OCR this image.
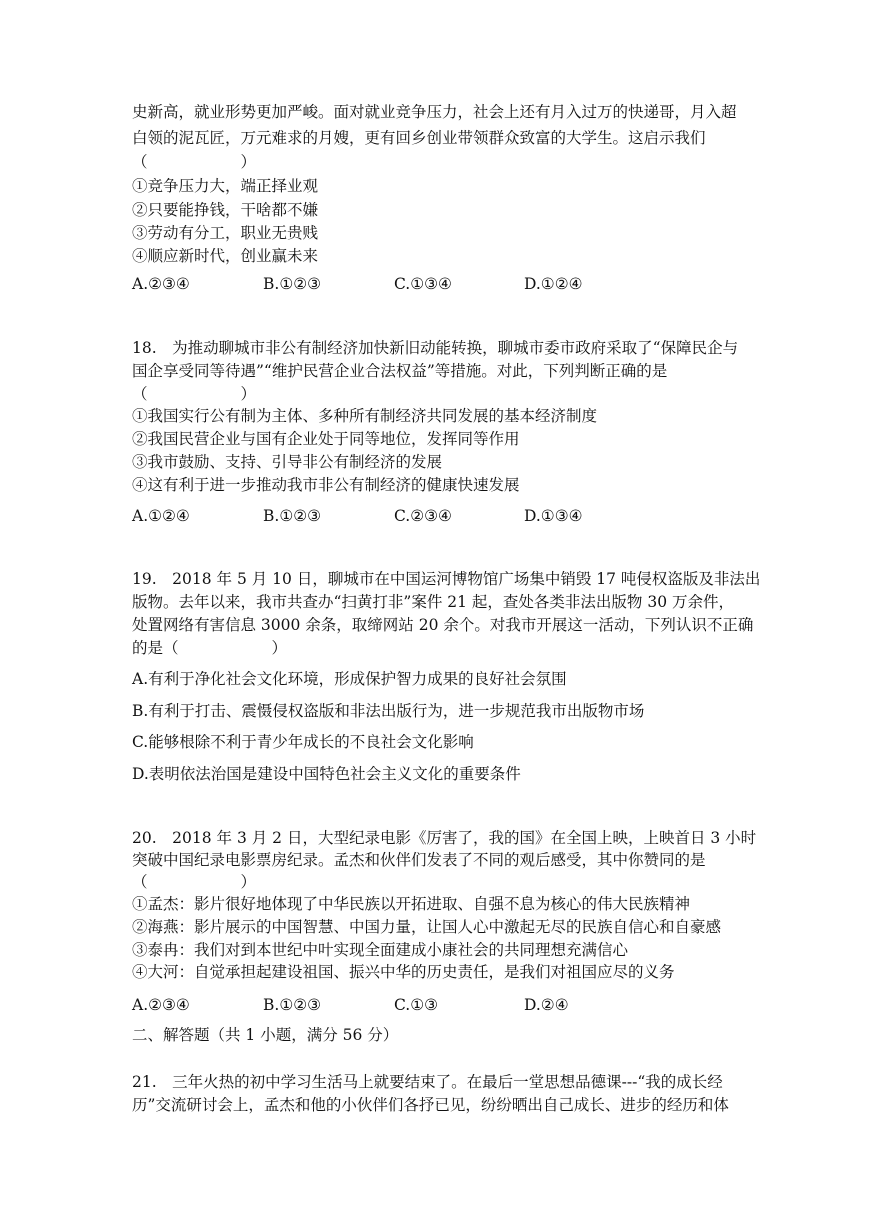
史新高，就业形势更加严峻。面对就业竞争压力，社会上还有月入过万的快递哥，月入超
白领的泥瓦匠，万元难求的月嫂，更有回乡创业带领群众致富的大学生。这启示我们
（　　　　　　）
①竞争压力大，端正择业观
②只要能挣钱，干啥都不嫌
③劳动有分工，职业无贵贱
④顺应新时代，创业赢未来
A.②③④	B.①②③	C.①③④	D.①②④
18.　为推动聊城市非公有制经济加快新旧动能转换，聊城市委市政府采取了“保障民企与
国企享受同等待遇”“维护民营企业合法权益”等措施。对此，下列判断正确的是
（　　　　　　）
①我国实行公有制为主体、多种所有制经济共同发展的基本经济制度
②我国民营企业与国有企业处于同等地位，发挥同等作用
③我市鼓励、支持、引导非公有制经济的发展
④这有利于进一步推动我市非公有制经济的健康快速发展
A.①②④	B.①②③	C.②③④	D.①③④
19.　2018 年 5 月 10 日，聊城市在中国运河博物馆广场集中销毁 17 吨侵权盗版及非法出
版物。去年以来，我市共查办“扫黄打非”案件 21 起，查处各类非法出版物 30 万余件，
处置网络有害信息 3000 余条，取缔网站 20 余个。对我市开展这一活动，下列认识不正确
的是（　　　　　　）
A.有利于净化社会文化环境，形成保护智力成果的良好社会氛围
B.有利于打击、震慑侵权盗版和非法出版行为，进一步规范我市出版物市场
C.能够根除不利于青少年成长的不良社会文化影响
D.表明依法治国是建设中国特色社会主义文化的重要条件
20.　2018 年 3 月 2 日，大型纪录电影《厉害了，我的国》在全国上映，上映首日 3 小时
突破中国纪录电影票房纪录。孟杰和伙伴们发表了不同的观后感受，其中你赞同的是
（　　　　　　）
①孟杰：影片很好地体现了中华民族以开拓进取、自强不息为核心的伟大民族精神
②海燕：影片展示的中国智慧、中国力量，让国人心中激起无尽的民族自信心和自豪感
③泰冉：我们对到本世纪中叶实现全面建成小康社会的共同理想充满信心
④大河：自觉承担起建设祖国、振兴中华的历史责任，是我们对祖国应尽的义务
A.②③④	B.①②③	C.①③	D.②④
二、解答题（共 1 小题，满分 56 分）
21.　三年火热的初中学习生活马上就要结束了。在最后一堂思想品德课---“我的成长经
历”交流研讨会上，孟杰和他的小伙伴们各抒已见，纷纷晒出自己成长、进步的经历和体
